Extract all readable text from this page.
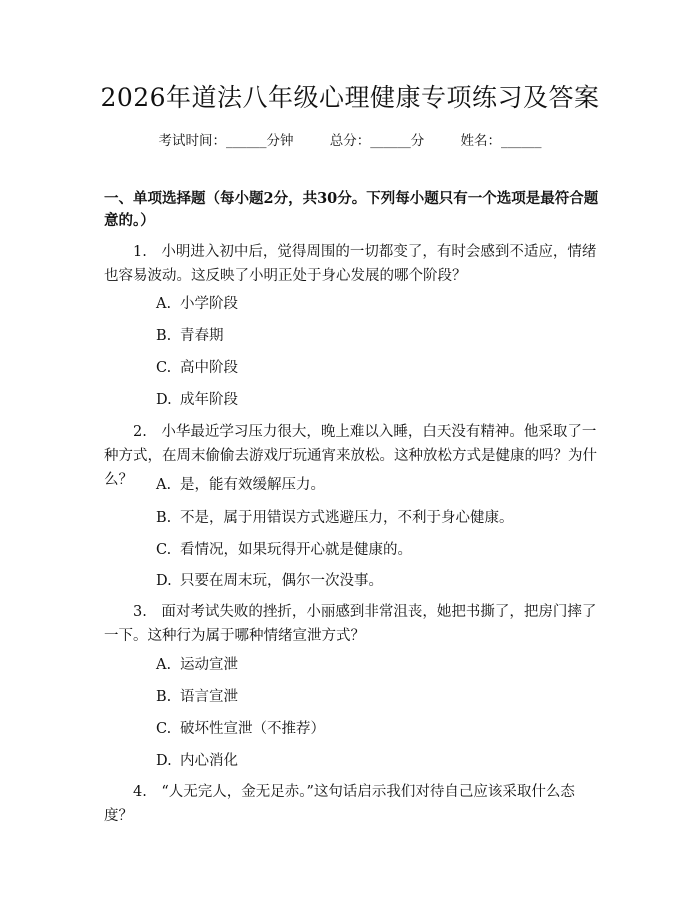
2026年道法八年级心理健康专项练习及答案
考试时间：______分钟	总分：______分	姓名：______
一、单项选择题（每小题2分，共30分。下列每小题只有一个选项是最符合题意的。）
1.　小明进入初中后，觉得周围的一切都变了，有时会感到不适应，情绪也容易波动。这反映了小明正处于身心发展的哪个阶段？
A. 小学阶段
B. 青春期
C. 高中阶段
D. 成年阶段
2.　小华最近学习压力很大，晚上难以入睡，白天没有精神。他采取了一种方式，在周末偷偷去游戏厅玩通宵来放松。这种放松方式是健康的吗？为什么？	A. 是，能有效缓解压力。
B. 不是，属于用错误方式逃避压力，不利于身心健康。
C. 看情况，如果玩得开心就是健康的。
D. 只要在周末玩，偶尔一次没事。
3.　面对考试失败的挫折，小丽感到非常沮丧，她把书撕了，把房门摔了一下。这种行为属于哪种情绪宣泄方式？
A. 运动宣泄
B. 语言宣泄
C. 破坏性宣泄（不推荐）
D. 内心消化
4.　“人无完人，金无足赤。”这句话启示我们对待自己应该采取什么态度？
